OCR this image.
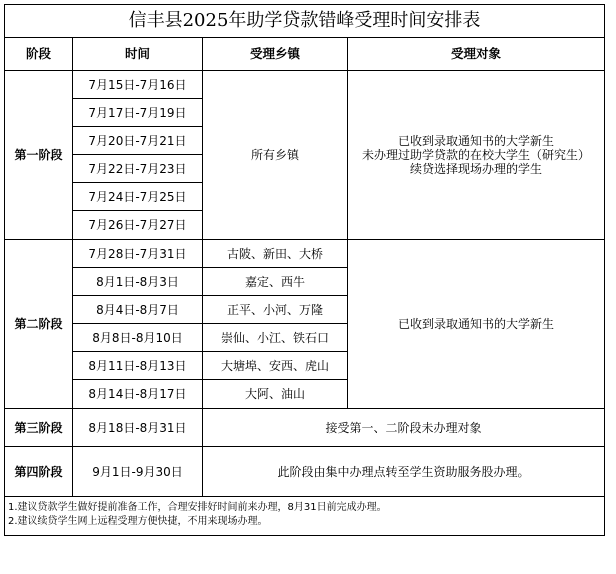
信丰县2025年助学贷款错峰受理时间安排表			
阶段	时间	受理乡镇	受理对象
第一阶段	7月15日-7月16日	所有乡镇	已收到录取通知书的大学新生

未办理过助学贷款的在校大学生（研究生）

续贷选择现场办理的学生

	7月17日-7月19日		
	7月20日-7月21日		
	7月22日-7月23日		
	7月24日-7月25日		
	7月26日-7月27日		
第二阶段	7月28日-7月31日	古陂、新田、大桥	已收到录取通知书的大学新生
	8月1日-8月3日	嘉定、西牛	
	8月4日-8月7日	正平、小河、万隆	
	8月8日-8月10日	崇仙、小江、铁石口	
	8月11日-8月13日	大塘埠、安西、虎山	
	8月14日-8月17日	大阿、油山	
第三阶段	8月18日-8月31日	接受第一、二阶段未办理对象	
第四阶段	9月1日-9月30日	此阶段由集中办理点转至学生资助服务股办理。	

1.建议贷款学生做好提前准备工作，合理安排好时间前来办理，8月31日前完成办理。
2.建议续贷学生网上远程受理方便快捷，不用来现场办理。			
